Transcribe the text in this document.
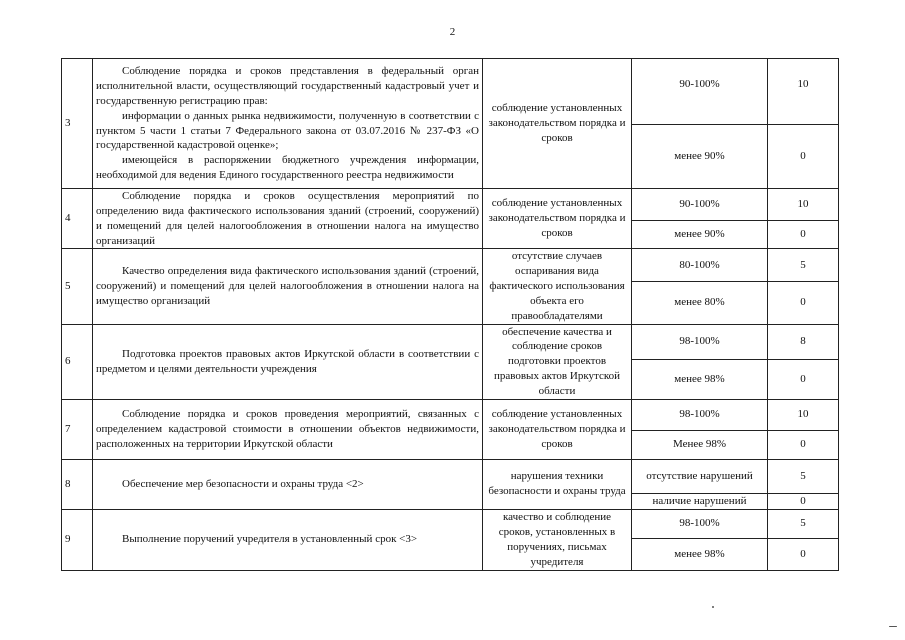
2
3	Соблюдение порядка и сроков представления в федеральный орган исполнительной власти, осуществляющий государственный кадастровый учет и государственную регистрацию прав:

информации о данных рынка недвижимости, полученную в соответствии с пунктом 5 части 1 статьи 7 Федерального закона от 03.07.2016 № 237-ФЗ «О государственной кадастровой оценке»;

имеющейся в распоряжении бюджетного учреждения информации, необходимой для ведения Единого государственного реестра недвижимости	соблюдение установленных законодательством порядка и сроков	90-100%	10
			менее 90%	0
4	Соблюдение порядка и сроков осуществления мероприятий по определению вида фактического использования зданий (строений, сооружений) и помещений для целей налогообложения в отношении налога на имущество организаций	соблюдение установленных законодательством порядка и сроков	90-100%	10
			менее 90%	0
5	Качество определения вида фактического использования зданий (строений, сооружений) и помещений для целей налогообложения в отношении налога на имущество организаций	отсутствие случаев оспаривания вида фактического использования объекта его правообладателями	80-100%	5
			менее 80%	0
6	Подготовка проектов правовых актов Иркутской области в соответствии с предметом и целями деятельности учреждения	обеспечение качества и соблюдение сроков подготовки проектов правовых актов Иркутской области	98-100%	8
			менее 98%	0
7	Соблюдение порядка и сроков проведения мероприятий, связанных с определением кадастровой стоимости в отношении объектов недвижимости, расположенных на территории Иркутской области	соблюдение установленных законодательством порядка и сроков	98-100%	10
			Менее 98%	0
8	Обеспечение мер безопасности и охраны труда <2>	нарушения техники безопасности и охраны труда	отсутствие нарушений	5
			наличие нарушений	0
9	Выполнение поручений учредителя в установленный срок <3>	качество и соблюдение сроков, установленных в поручениях, письмах учредителя	98-100%	5
			менее 98%	0
